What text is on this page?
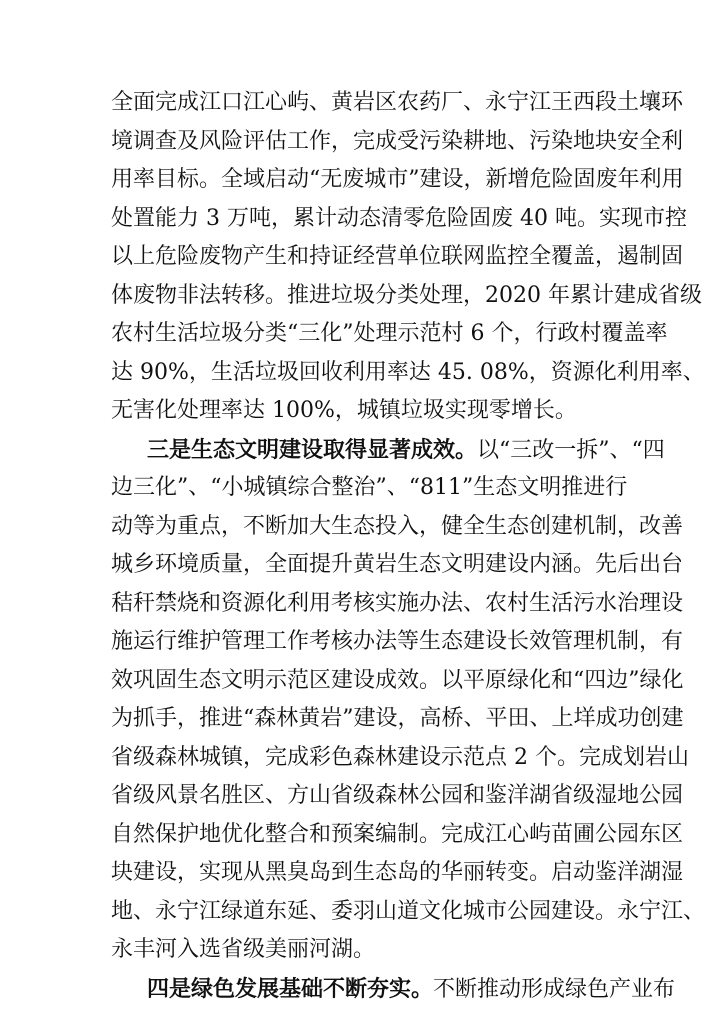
全面完成江口江心屿、黄岩区农药厂、永宁江王西段土壤环
境调查及风险评估工作，完成受污染耕地、污染地块安全利
用率目标。全域启动“无废城市”建设，新增危险固废年利用
处置能力 3 万吨，累计动态清零危险固废 40 吨。实现市控
以上危险废物产生和持证经营单位联网监控全覆盖，遏制固
体废物非法转移。推进垃圾分类处理，2020 年累计建成省级
农村生活垃圾分类“三化”处理示范村 6 个，行政村覆盖率
达 90%，生活垃圾回收利用率达 45. 08%，资源化利用率、
无害化处理率达 100%，城镇垃圾实现零增长。
三是生态文明建设取得显著成效。以“三改一拆”、“四
边三化”、“小城镇综合整治”、“811”生态文明推进行
动等为重点，不断加大生态投入，健全生态创建机制，改善
城乡环境质量，全面提升黄岩生态文明建设内涵。先后出台
秸秆禁烧和资源化利用考核实施办法、农村生活污水治理设
施运行维护管理工作考核办法等生态建设长效管理机制，有
效巩固生态文明示范区建设成效。以平原绿化和“四边”绿化
为抓手，推进“森林黄岩”建设，高桥、平田、上垟成功创建
省级森林城镇，完成彩色森林建设示范点 2 个。完成划岩山
省级风景名胜区、方山省级森林公园和鉴洋湖省级湿地公园
自然保护地优化整合和预案编制。完成江心屿苗圃公园东区
块建设，实现从黑臭岛到生态岛的华丽转变。启动鉴洋湖湿
地、永宁江绿道东延、委羽山道文化城市公园建设。永宁江、
永丰河入选省级美丽河湖。
四是绿色发展基础不断夯实。不断推动形成绿色产业布
